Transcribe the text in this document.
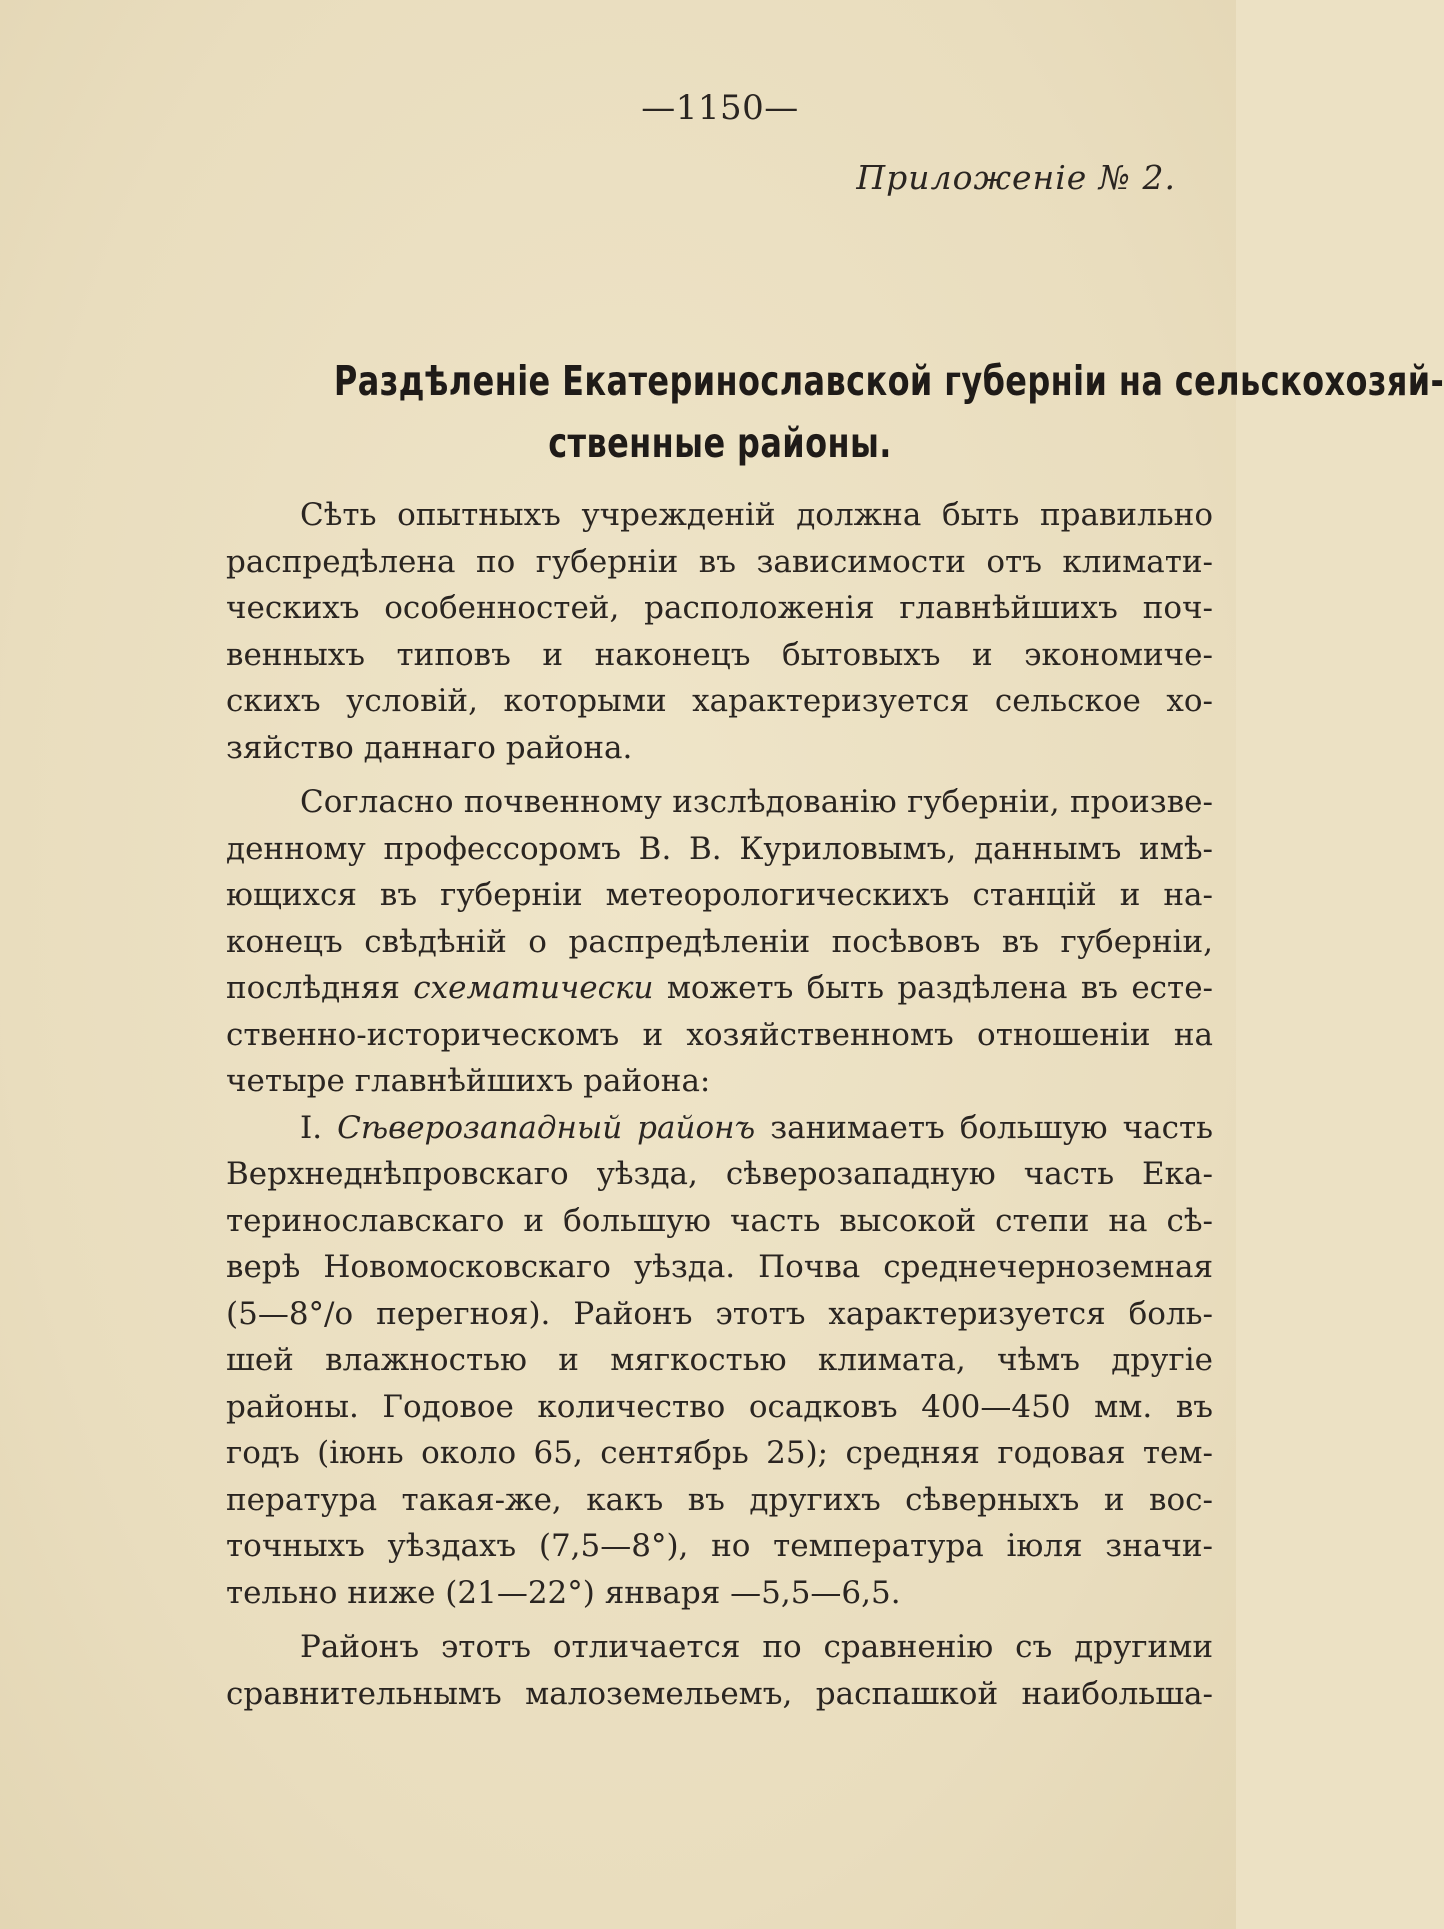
—1150—
Приложенiе № 2.
Раздѣленiе Екатеринославской губернiи на сельскохозяй-
ственные районы.
Сѣть опытныхъ учрежденiй должна быть правильно
распредѣлена по губернiи въ зависимости отъ климати-
ческихъ особенностей, расположенiя главнѣйшихъ поч-
венныхъ типовъ и наконецъ бытовыхъ и экономиче-
скихъ условiй, которыми характеризуется сельское хо-
зяйство даннаго района.
Согласно почвенному изслѣдованiю губернiи, произве-
денному профессоромъ В. В. Куриловымъ, даннымъ имѣ-
ющихся въ губернiи метеорологическихъ станцiй и на-
конецъ свѣдѣнiй о распредѣленiи посѣвовъ въ губернiи,
послѣдняя схематически можетъ быть раздѣлена въ есте-
ственно-историческомъ и хозяйственномъ отношенiи на
четыре главнѣйшихъ района:
I. Сѣверозападный районъ занимаетъ большую часть
Верхнеднѣпровскаго уѣзда, сѣверозападную часть Ека-
теринославскаго и большую часть высокой степи на сѣ-
верѣ Новомосковскаго уѣзда. Почва среднечерноземная
(5—8°/о перегноя). Районъ этотъ характеризуется боль-
шей влажностью и мягкостью климата, чѣмъ другiе
районы. Годовое количество осадковъ 400—450 мм. въ
годъ (iюнь около 65, сентябрь 25); средняя годовая тем-
пература такая-же, какъ въ другихъ сѣверныхъ и вос-
точныхъ уѣздахъ (7,5—8°), но температура iюля значи-
тельно ниже (21—22°) января —5,5—6,5.
Районъ этотъ отличается по сравненiю съ другими
сравнительнымъ малоземельемъ, распашкой наибольша-
